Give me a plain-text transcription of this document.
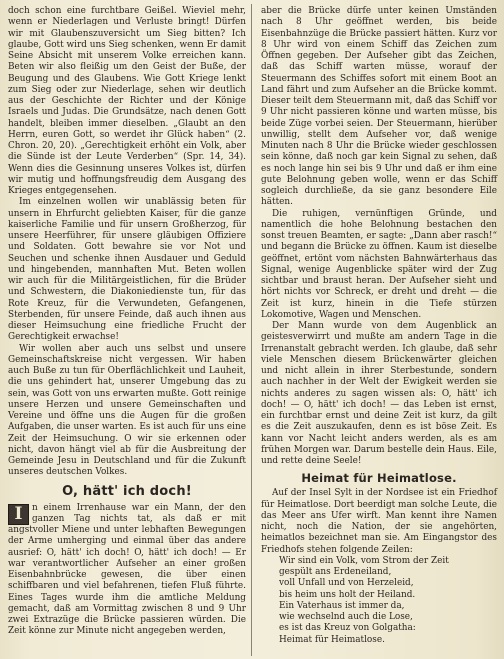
doch schon eine furchtbare Geißel. Wieviel mehr, wenn er Niederlagen und Verluste bringt! Dürfen wir mit Glaubenszuversicht um Sieg bitten? Ich glaube, Gott wird uns Sieg schenken, wenn Er damit Seine Absicht mit unserem Volke erreichen kann. Beten wir also fleißig um den Geist der Buße, der Beugung und des Glaubens. Wie Gott Kriege lenkt zum Sieg oder zur Niederlage, sehen wir deutlich aus der Geschichte der Richter und der Könige Israels und Judas. Die Grundsätze, nach denen Gott handelt, bleiben immer dieselben. „Glaubt an den Herrn, euren Gott, so werdet ihr Glück haben“ (2. Chron. 20, 20). „Gerechtigkeit erhöht ein Volk, aber die Sünde ist der Leute Verderben“ (Spr. 14, 34). Wenn dies die Gesinnung unseres Volkes ist, dürfen wir mutig und hoffnungsfreudig dem Ausgang des Krieges entgegensehen.

Im einzelnen wollen wir unablässig beten für unsern in Ehrfurcht geliebten Kaiser, für die ganze kaiserliche Familie und für unsern Großherzog, für unsere Heerführer, für unsere gläubigen Offiziere und Soldaten. Gott bewahre sie vor Not und Seuchen und schenke ihnen Ausdauer und Geduld und hingebenden, mannhaften Mut. Beten wollen wir auch für die Militärgeistlichen, für die Brüder und Schwestern, die Diakoniedienste tun, für das Rote Kreuz, für die Verwundeten, Gefangenen, Sterbenden, für unsere Feinde, daß auch ihnen aus dieser Heimsuchung eine friedliche Frucht der Gerechtigkeit erwachse!

Wir wollen aber auch uns selbst und unsere Gemeinschaftskreise nicht vergessen. Wir haben auch Buße zu tun für Oberflächlichkeit und Lauheit, die uns gehindert hat, unserer Umgebung das zu sein, was Gott von uns erwarten mußte. Gott reinige unsere Herzen und unsere Gemeinschaften und Vereine und öffne uns die Augen für die großen Aufgaben, die unser warten. Es ist auch für uns eine Zeit der Heimsuchung. O wir sie erkennen oder nicht, davon hängt viel ab für die Ausbreitung der Gemeinde Jesu in Deutschland und für die Zukunft unseres deutschen Volkes.

O, hätt' ich doch!
I	n einem Irrenhause war ein Mann, der den ganzen Tag nichts tat, als daß er mit angstvoller Miene und unter lebhaften Bewegungen der Arme umherging und einmal über das andere ausrief: O, hätt' ich doch! O, hätt' ich doch! — Er war verantwortlicher Aufseher an einer großen Eisenbahnbrücke gewesen, die über einen schiffbaren und viel befahrenen, tiefen Fluß führte. Eines Tages wurde ihm die amtliche Meldung gemacht, daß am Vormittag zwischen 8 und 9 Uhr zwei Extrazüge die Brücke passieren würden. Die Zeit könne zur Minute nicht angegeben werden,

aber die Brücke dürfe unter keinen Umständen nach 8 Uhr geöffnet werden, bis beide Eisenbahnzüge die Brücke passiert hätten. Kurz vor 8 Uhr wird von einem Schiff das Zeichen zum Öffnen gegeben. Der Aufseher gibt das Zeichen, daß das Schiff warten müsse, worauf der Steuermann des Schiffes sofort mit einem Boot an Land fährt und zum Aufseher an die Brücke kommt. Dieser teilt dem Steuermann mit, daß das Schiff vor 9 Uhr nicht passieren könne und warten müsse, bis beide Züge vorbei seien. Der Steuermann, hierüber unwillig, stellt dem Aufseher vor, daß wenige Minuten nach 8 Uhr die Brücke wieder geschlossen sein könne, daß noch gar kein Signal zu sehen, daß es noch lange hin sei bis 9 Uhr und daß er ihm eine gute Belohnung geben wolle, wenn er das Schiff sogleich durchließe, da sie ganz besondere Eile hätten.

Die ruhigen, vernünftigen Gründe, und namentlich die hohe Belohnung bestachen den sonst treuen Beamten, er sagte: „Dann aber rasch!“ und begann die Brücke zu öffnen. Kaum ist dieselbe geöffnet, ertönt vom nächsten Bahnwärterhaus das Signal, wenige Augenblicke später wird der Zug sichtbar und braust heran. Der Aufseher sieht und hört nichts vor Schreck, er dreht und dreht — die Zeit ist kurz, hinein in die Tiefe stürzen Lokomotive, Wagen und Menschen.

Der Mann wurde von dem Augenblick an geistesverwirrt und mußte am andern Tage in die Irrenanstalt gebracht werden. Ich glaube, daß sehr viele Menschen diesem Brückenwärter gleichen und nicht allein in ihrer Sterbestunde, sondern auch nachher in der Welt der Ewigkeit werden sie nichts anderes zu sagen wissen als: O, hätt' ich doch! — O, hätt' ich doch! — das Leben ist ernst, ein furchtbar ernst und deine Zeit ist kurz, da gilt es die Zeit auszukaufen, denn es ist böse Zeit. Es kann vor Nacht leicht anders werden, als es am frühen Morgen war. Darum bestelle dein Haus. Eile, und rette deine Seele!

Heimat für Heimatlose.

Auf der Insel Sylt in der Nordsee ist ein Friedhof für Heimatlose. Dort beerdigt man solche Leute, die das Meer ans Ufer wirft. Man kennt ihre Namen nicht, noch die Nation, der sie angehörten, heimatlos bezeichnet man sie. Am Eingangstor des Friedhofs stehen folgende Zeilen:

Wir sind ein Volk, vom Strom der Zeit
gespült ans Erdeneiland,
voll Unfall und von Herzeleid,
bis heim uns holt der Heiland.
Ein Vaterhaus ist immer da,
wie wechselnd auch die Lose,
es ist das Kreuz von Golgatha:
Heimat für Heimatlose.
